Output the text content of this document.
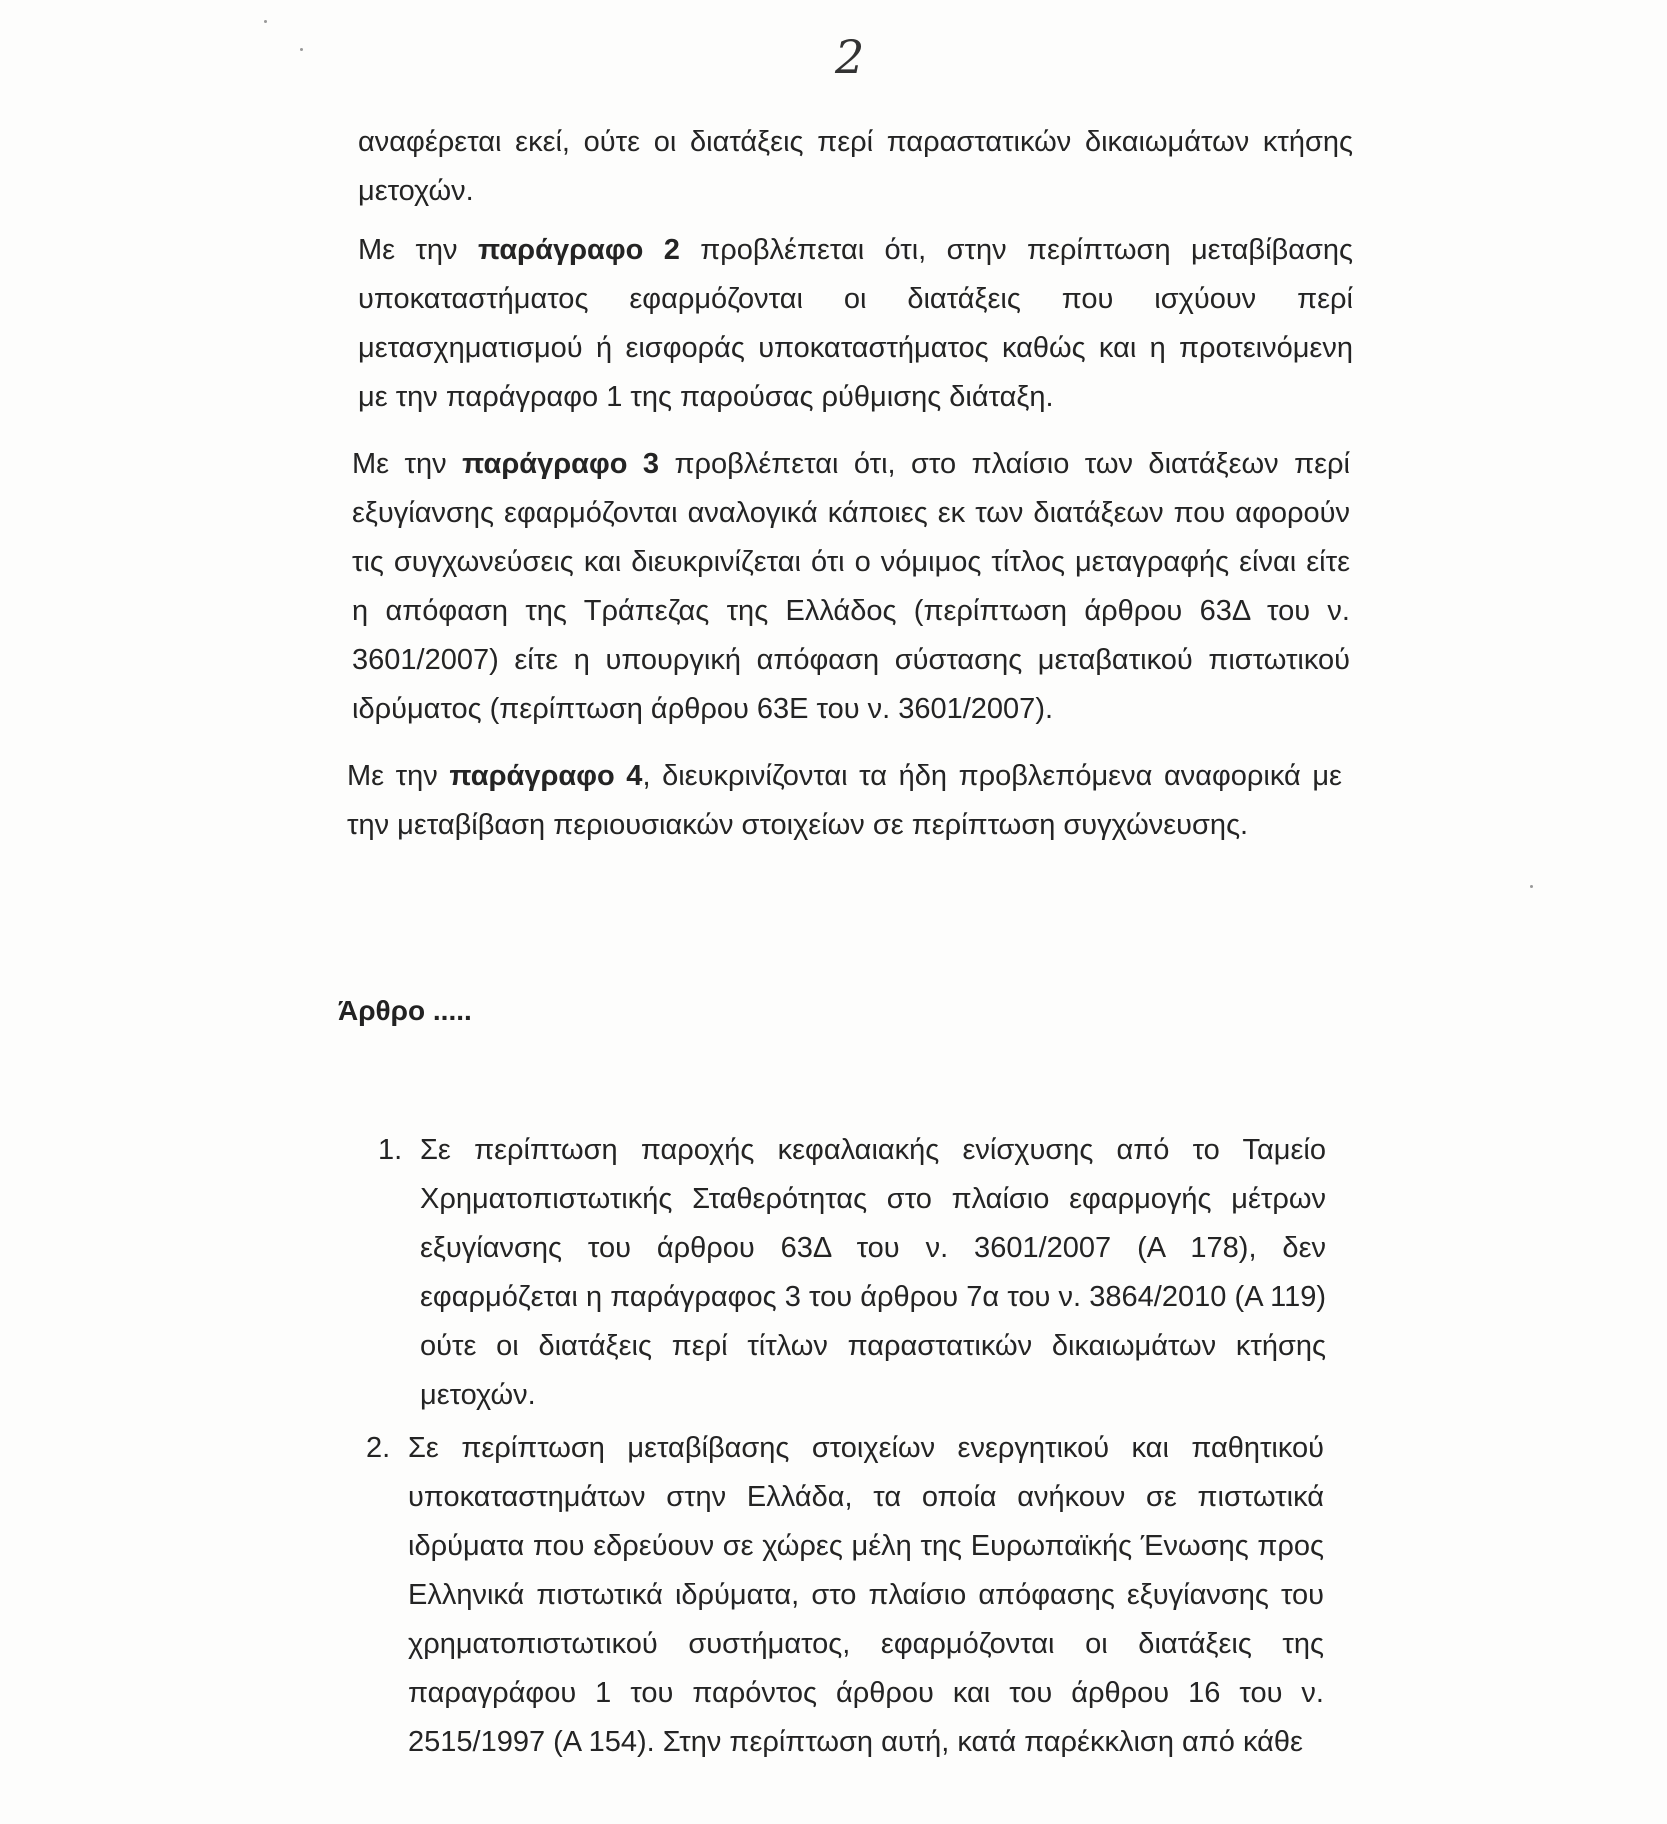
2

αναφέρεται εκεί, ούτε οι διατάξεις περί παραστατικών δικαιωμάτων κτήσης μετοχών.

Με την παράγραφο 2 προβλέπεται ότι, στην περίπτωση μεταβίβασης υποκαταστήματος εφαρμόζονται οι διατάξεις που ισχύουν περί μετασχηματισμού ή εισφοράς υποκαταστήματος καθώς και η προτεινόμενη με την παράγραφο 1 της παρούσας ρύθμισης διάταξη.

Με την παράγραφο 3 προβλέπεται ότι, στο πλαίσιο των διατάξεων περί εξυγίανσης εφαρμόζονται αναλογικά κάποιες εκ των διατάξεων που αφορούν τις συγχωνεύσεις και διευκρινίζεται ότι ο νόμιμος τίτλος μεταγραφής είναι είτε η απόφαση της Τράπεζας της Ελλάδος (περίπτωση άρθρου 63Δ του ν. 3601/2007) είτε η υπουργική απόφαση σύστασης μεταβατικού πιστωτικού ιδρύματος (περίπτωση άρθρου 63Ε του ν. 3601/2007).

Με την παράγραφο 4, διευκρινίζονται τα ήδη προβλεπόμενα αναφορικά με την μεταβίβαση περιουσιακών στοιχείων σε περίπτωση συγχώνευσης.

Άρθρο .....
1. Σε περίπτωση παροχής κεφαλαιακής ενίσχυσης από το Ταμείο Χρηματοπιστωτικής Σταθερότητας στο πλαίσιο εφαρμογής μέτρων εξυγίανσης του άρθρου 63Δ του ν. 3601/2007 (Α 178), δεν εφαρμόζεται η παράγραφος 3 του άρθρου 7α του ν. 3864/2010 (Α 119) ούτε οι διατάξεις περί τίτλων παραστατικών δικαιωμάτων κτήσης μετοχών.
2. Σε περίπτωση μεταβίβασης στοιχείων ενεργητικού και παθητικού υποκαταστημάτων στην Ελλάδα, τα οποία ανήκουν σε πιστωτικά ιδρύματα που εδρεύουν σε χώρες μέλη της Ευρωπαϊκής Ένωσης προς Ελληνικά πιστωτικά ιδρύματα, στο πλαίσιο απόφασης εξυγίανσης του χρηματοπιστωτικού συστήματος, εφαρμόζονται οι διατάξεις της παραγράφου 1 του παρόντος άρθρου και του άρθρου 16 του ν. 2515/1997 (Α 154). Στην περίπτωση αυτή, κατά παρέκκλιση από κάθε
